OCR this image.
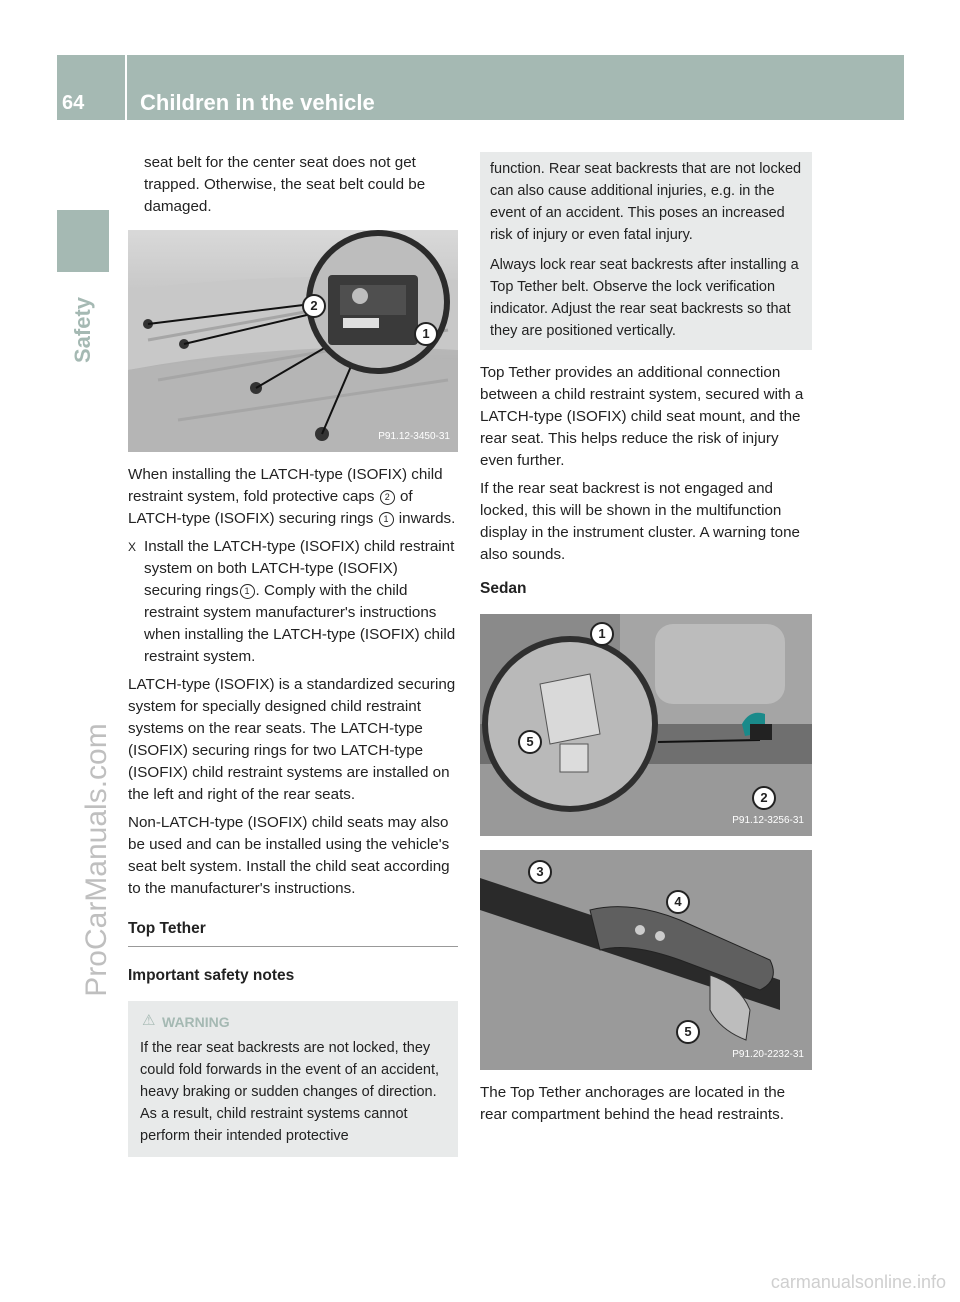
64	Children in the vehicle
Safety
ProCarManuals.com

seat belt for the center seat does not get trapped. Otherwise, the seat belt could be damaged.

2
1
P91.12-3450-31

When installing the LATCH-type (ISOFIX) child restraint system, fold protective caps 2 of LATCH-type (ISOFIX) securing rings 1 inwards.

X Install the LATCH-type (ISOFIX) child restraint system on both LATCH-type (ISOFIX) securing rings 1 . Comply with the child restraint system manufacturer's instructions when installing the LATCH-type (ISOFIX) child restraint system.

LATCH-type (ISOFIX) is a standardized securing system for specially designed child restraint systems on the rear seats. The LATCH-type (ISOFIX) securing rings for two LATCH-type (ISOFIX) child restraint systems are installed on the left and right of the rear seats.

Non-LATCH-type (ISOFIX) child seats may also be used and can be installed using the vehicle's seat belt system. Install the child seat according to the manufacturer's instructions.

Top Tether

Important safety notes

⚠ WARNING

If the rear seat backrests are not locked, they could fold forwards in the event of an accident, heavy braking or sudden changes of direction. As a result, child restraint systems cannot perform their intended protective

function. Rear seat backrests that are not locked can also cause additional injuries, e.g. in the event of an accident. This poses an increased risk of injury or even fatal injury.

Always lock rear seat backrests after installing a Top Tether belt. Observe the lock verification indicator. Adjust the rear seat backrests so that they are positioned vertically.

Top Tether provides an additional connection between a child restraint system, secured with a LATCH-type (ISOFIX) child seat mount, and the rear seat. This helps reduce the risk of injury even further.

If the rear seat backrest is not engaged and locked, this will be shown in the multifunction display in the instrument cluster. A warning tone also sounds.

Sedan

1
5
2
P91.12-3256-31
3
4
5
P91.20-2232-31

The Top Tether anchorages are located in the rear compartment behind the head restraints.

carmanualsonline.info
